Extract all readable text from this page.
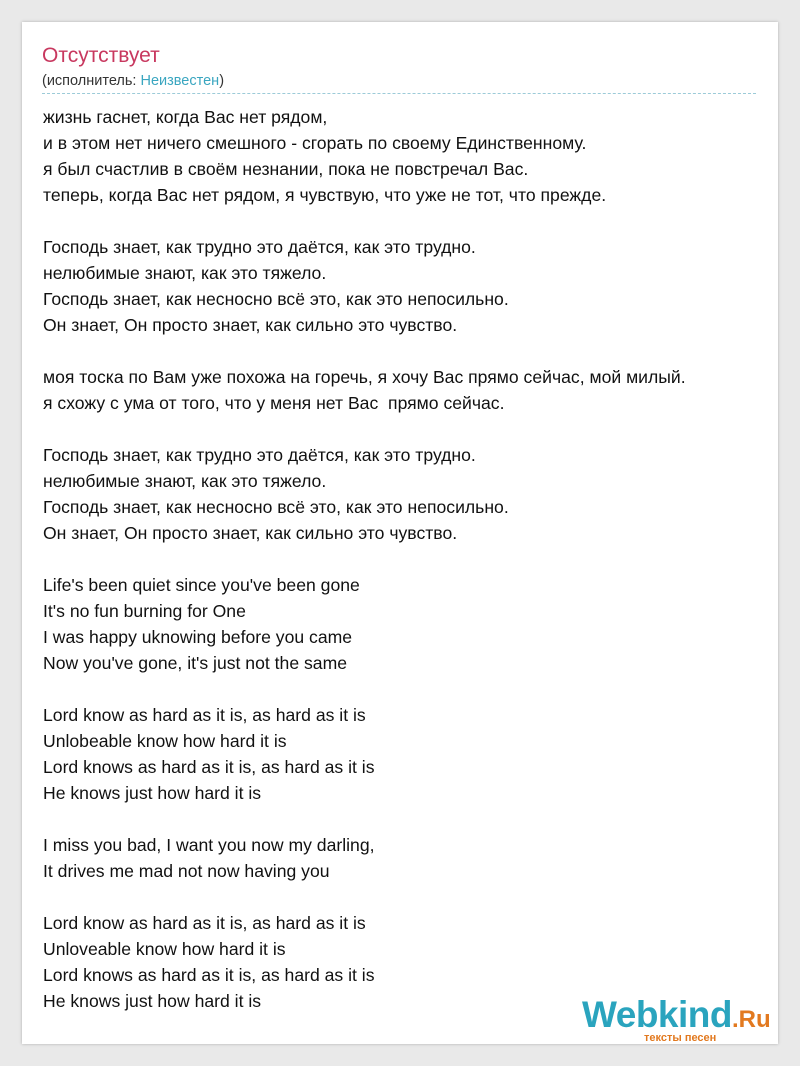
Отсутствует
(исполнитель: Неизвестен)
жизнь гаснет, когда Вас нет рядом,
и в этом нет ничего смешного - сгорать по своему Единственному.
я был счастлив в своём незнании, пока не повстречал Вас.
теперь, когда Вас нет рядом, я чувствую, что уже не тот, что прежде.
Господь знает, как трудно это даётся, как это трудно.
нелюбимые знают, как это тяжело.
Господь знает, как несносно всё это, как это непосильно.
Он знает, Он просто знает, как сильно это чувство.
моя тоска по Вам уже похожа на горечь, я хочу Вас прямо сейчас, мой милый.
я схожу с ума от того, что у меня нет Вас  прямо сейчас.
Господь знает, как трудно это даётся, как это трудно.
нелюбимые знают, как это тяжело.
Господь знает, как несносно всё это, как это непосильно.
Он знает, Он просто знает, как сильно это чувство.
Life's been quiet since you've been gone
It's no fun burning for One
I was happy uknowing before you came
Now you've gone, it's just not the same
Lord know as hard as it is, as hard as it is
Unlobeable know how hard it is
Lord knows as hard as it is, as hard as it is
He knows just how hard it is
I miss you bad, I want you now my darling,
It drives me mad not now having you
Lord know as hard as it is, as hard as it is
Unloveable know how hard it is
Lord knows as hard as it is, as hard as it is
He knows just how hard it is	Webkind.Ru
тексты песен
